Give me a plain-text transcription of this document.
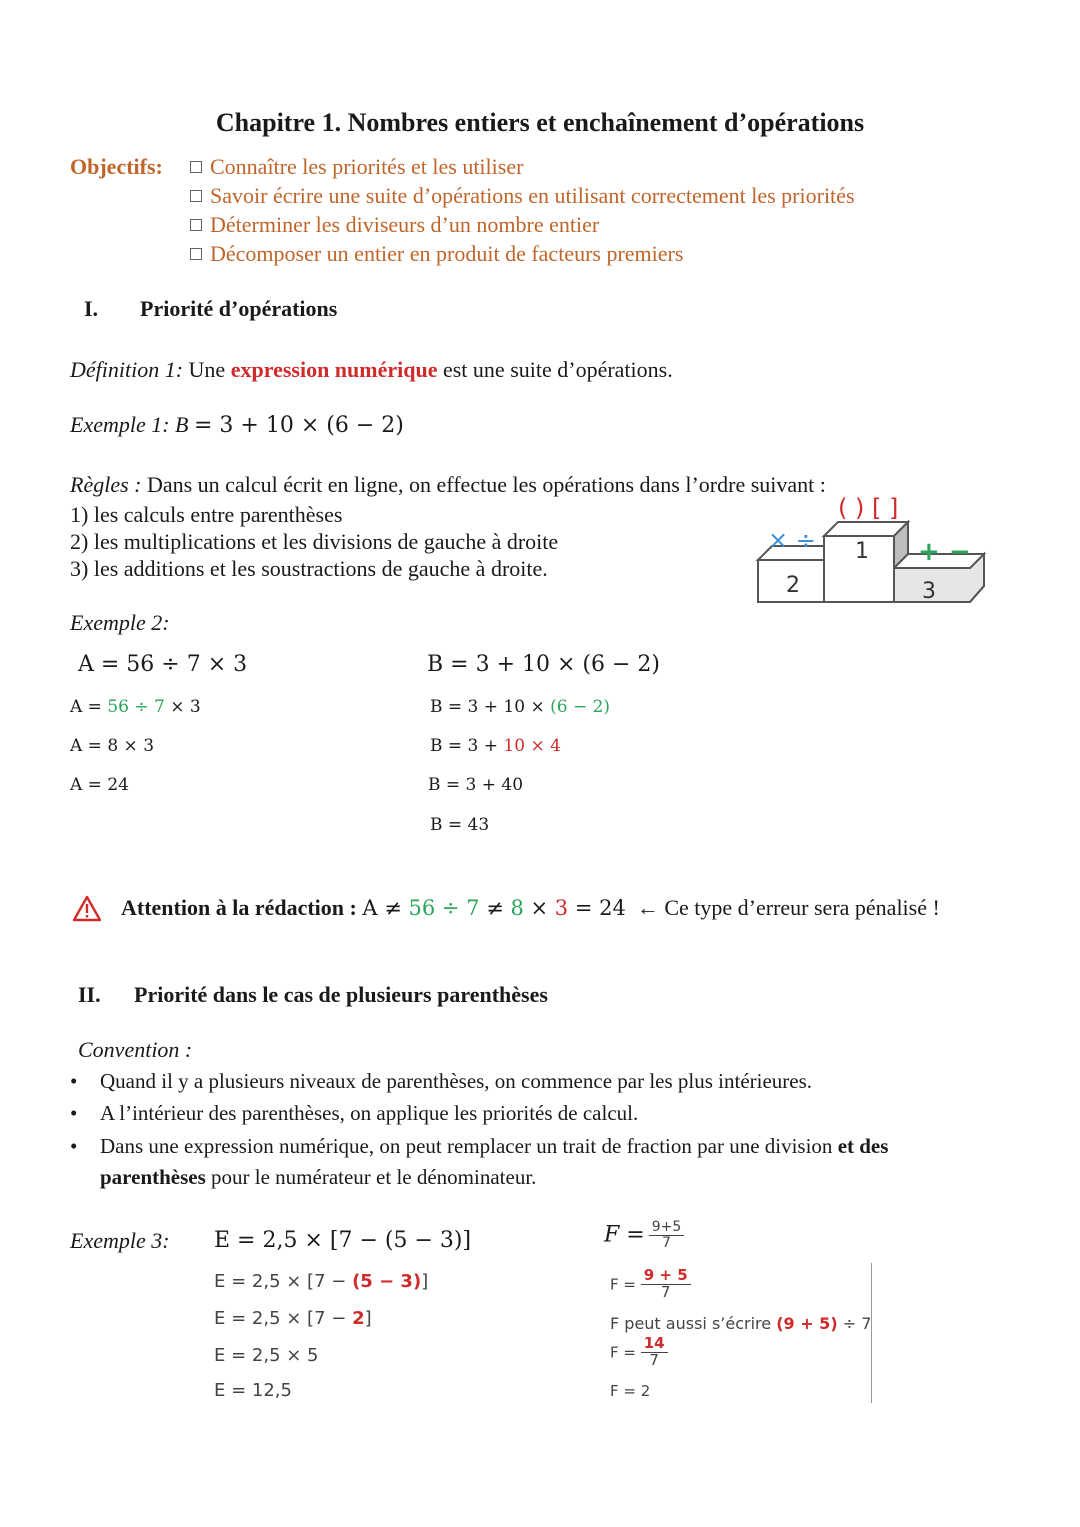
Chapitre 1. Nombres entiers et enchaînement d’opérations
Objectifs:	Connaître les priorités et les utiliser
Savoir écrire une suite d’opérations en utilisant correctement les priorités
Déterminer les diviseurs d’un nombre entier
Décomposer un entier en produit de facteurs premiers
I. Priorité d’opérations
Définition 1: Une expression numérique est une suite d’opérations.
Exemple 1: B = 3 + 10 × (6 − 2)
Règles : Dans un calcul écrit en ligne, on effectue les opérations dans l’ordre suivant :
1) les calculs entre parenthèses
2) les multiplications et les divisions de gauche à droite
3) les additions et les soustractions de gauche à droite.
2
1
3
× ÷
( ) [ ]
+ −
Exemple 2:
A = 56 ÷ 7 × 3
A = 56 ÷ 7 × 3
A = 8 × 3
A = 24
B = 3 + 10 × (6 − 2)
B = 3 + 10 × (6 − 2)
B = 3 + 10 × 4
B = 3 + 40
B = 43
Attention à la rédaction : A ≠ 56 ÷ 7 ≠ 8 × 3 = 24 ← Ce type d’erreur sera pénalisé !
II. Priorité dans le cas de plusieurs parenthèses
Convention :
• Quand il y a plusieurs niveaux de parenthèses, on commence par les plus intérieures.
• A l’intérieur des parenthèses, on applique les priorités de calcul.
• Dans une expression numérique, on peut remplacer un trait de fraction par une division et des
parenthèses pour le numérateur et le dénominateur.
Exemple 3: E = 2,5 × [7 − (5 − 3)]
E = 2,5 × [7 − (5 − 3)]
E = 2,5 × [7 − 2]
E = 2,5 × 5
E = 12,5
$F = \frac{9+5}{7}$
$F = \frac{9 + 5}{7}$
F peut aussi s’écrire (9 + 5) ÷ 7
$F = \frac{14}{7}$
F = 2
